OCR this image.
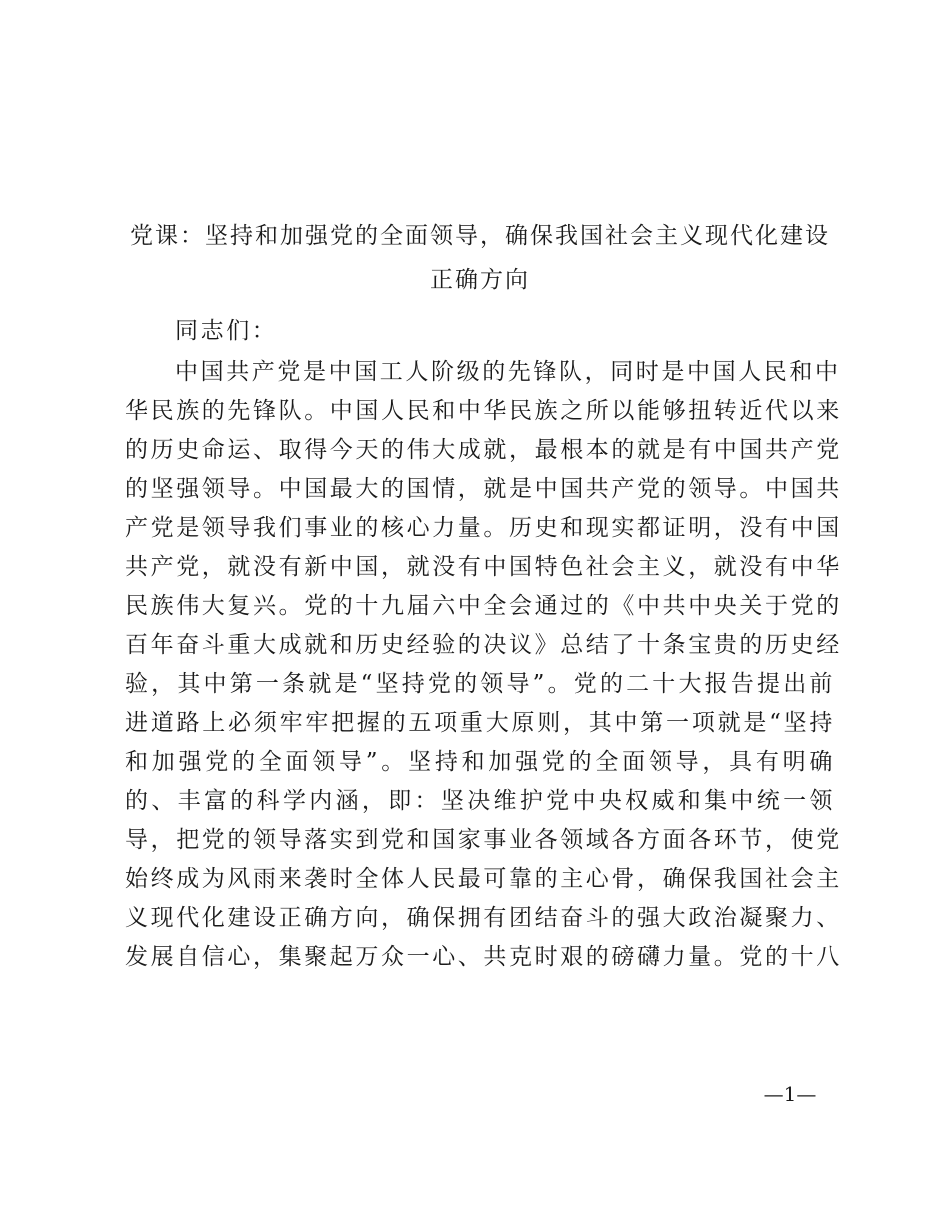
党课：坚持和加强党的全面领导，确保我国社会主义现代化建设
正确方向
同志们：
中国共产党是中国工人阶级的先锋队，同时是中国人民和中
华民族的先锋队。中国人民和中华民族之所以能够扭转近代以来
的历史命运、取得今天的伟大成就，最根本的就是有中国共产党
的坚强领导。中国最大的国情，就是中国共产党的领导。中国共
产党是领导我们事业的核心力量。历史和现实都证明，没有中国
共产党，就没有新中国，就没有中国特色社会主义，就没有中华
民族伟大复兴。党的十九届六中全会通过的《中共中央关于党的
百年奋斗重大成就和历史经验的决议》总结了十条宝贵的历史经
验，其中第一条就是“坚持党的领导”。党的二十大报告提出前
进道路上必须牢牢把握的五项重大原则，其中第一项就是“坚持
和加强党的全面领导”。坚持和加强党的全面领导，具有明确
的、丰富的科学内涵，即：坚决维护党中央权威和集中统一领
导，把党的领导落实到党和国家事业各领域各方面各环节，使党
始终成为风雨来袭时全体人民最可靠的主心骨，确保我国社会主
义现代化建设正确方向，确保拥有团结奋斗的强大政治凝聚力、
发展自信心，集聚起万众一心、共克时艰的磅礴力量。党的十八
—1—
